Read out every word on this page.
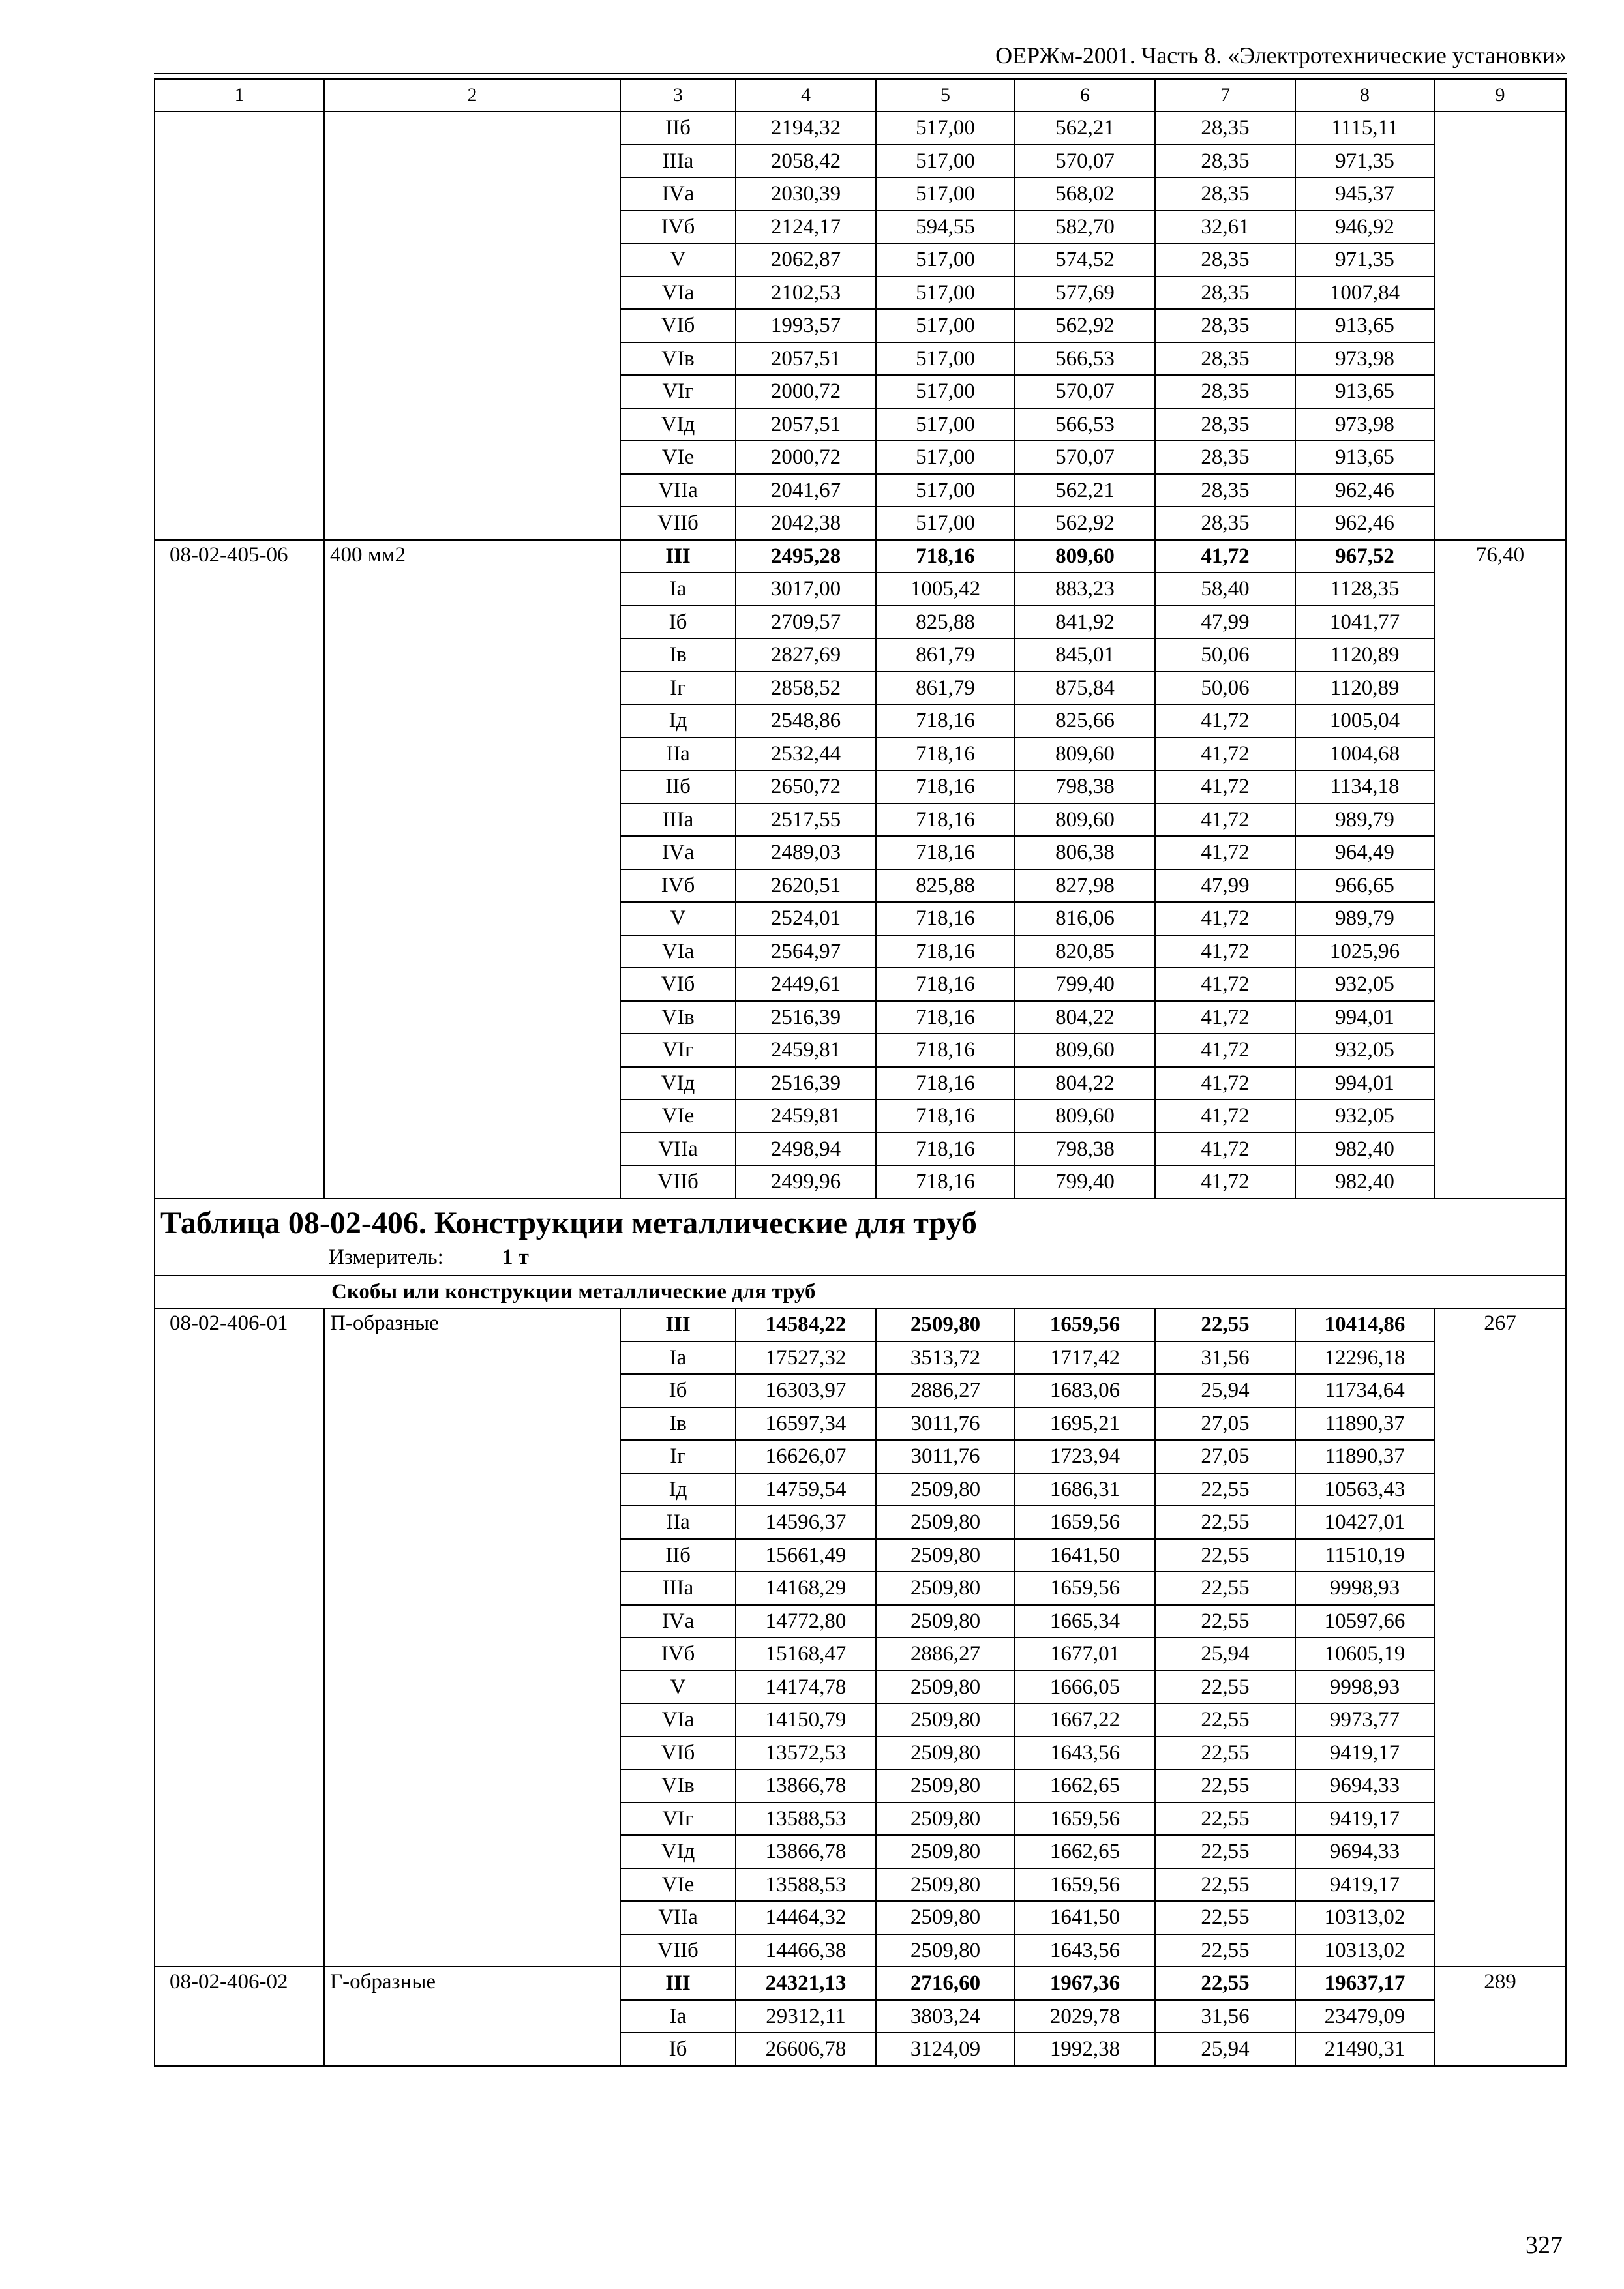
ОЕРЖм-2001. Часть 8. «Электротехнические установки»
1	2	3	4	5	6	7	8	9
		IIб	2194,32	517,00	562,21	28,35	1115,11	
		IIIа	2058,42	517,00	570,07	28,35	971,35	
		IVа	2030,39	517,00	568,02	28,35	945,37	
		IVб	2124,17	594,55	582,70	32,61	946,92	
		V	2062,87	517,00	574,52	28,35	971,35	
		VIа	2102,53	517,00	577,69	28,35	1007,84	
		VIб	1993,57	517,00	562,92	28,35	913,65	
		VIв	2057,51	517,00	566,53	28,35	973,98	
		VIг	2000,72	517,00	570,07	28,35	913,65	
		VIд	2057,51	517,00	566,53	28,35	973,98	
		VIе	2000,72	517,00	570,07	28,35	913,65	
		VIIа	2041,67	517,00	562,21	28,35	962,46	
		VIIб	2042,38	517,00	562,92	28,35	962,46	
08-02-405-06	400 мм2	III	2495,28	718,16	809,60	41,72	967,52	76,40
		Iа	3017,00	1005,42	883,23	58,40	1128,35	
		Iб	2709,57	825,88	841,92	47,99	1041,77	
		Iв	2827,69	861,79	845,01	50,06	1120,89	
		Iг	2858,52	861,79	875,84	50,06	1120,89	
		Iд	2548,86	718,16	825,66	41,72	1005,04	
		IIа	2532,44	718,16	809,60	41,72	1004,68	
		IIб	2650,72	718,16	798,38	41,72	1134,18	
		IIIа	2517,55	718,16	809,60	41,72	989,79	
		IVа	2489,03	718,16	806,38	41,72	964,49	
		IVб	2620,51	825,88	827,98	47,99	966,65	
		V	2524,01	718,16	816,06	41,72	989,79	
		VIа	2564,97	718,16	820,85	41,72	1025,96	
		VIб	2449,61	718,16	799,40	41,72	932,05	
		VIв	2516,39	718,16	804,22	41,72	994,01	
		VIг	2459,81	718,16	809,60	41,72	932,05	
		VIд	2516,39	718,16	804,22	41,72	994,01	
		VIе	2459,81	718,16	809,60	41,72	932,05	
		VIIа	2498,94	718,16	798,38	41,72	982,40	
		VIIб	2499,96	718,16	799,40	41,72	982,40	

Таблица 08-02-406. Конструкции металлические для труб
Измеритель: 1 т								

Скобы или конструкции металлические для труб								
08-02-406-01	П-образные	III	14584,22	2509,80	1659,56	22,55	10414,86	267
		Iа	17527,32	3513,72	1717,42	31,56	12296,18	
		Iб	16303,97	2886,27	1683,06	25,94	11734,64	
		Iв	16597,34	3011,76	1695,21	27,05	11890,37	
		Iг	16626,07	3011,76	1723,94	27,05	11890,37	
		Iд	14759,54	2509,80	1686,31	22,55	10563,43	
		IIа	14596,37	2509,80	1659,56	22,55	10427,01	
		IIб	15661,49	2509,80	1641,50	22,55	11510,19	
		IIIа	14168,29	2509,80	1659,56	22,55	9998,93	
		IVа	14772,80	2509,80	1665,34	22,55	10597,66	
		IVб	15168,47	2886,27	1677,01	25,94	10605,19	
		V	14174,78	2509,80	1666,05	22,55	9998,93	
		VIа	14150,79	2509,80	1667,22	22,55	9973,77	
		VIб	13572,53	2509,80	1643,56	22,55	9419,17	
		VIв	13866,78	2509,80	1662,65	22,55	9694,33	
		VIг	13588,53	2509,80	1659,56	22,55	9419,17	
		VIд	13866,78	2509,80	1662,65	22,55	9694,33	
		VIе	13588,53	2509,80	1659,56	22,55	9419,17	
		VIIа	14464,32	2509,80	1641,50	22,55	10313,02	
		VIIб	14466,38	2509,80	1643,56	22,55	10313,02	
08-02-406-02	Г-образные	III	24321,13	2716,60	1967,36	22,55	19637,17	289
		Iа	29312,11	3803,24	2029,78	31,56	23479,09	
		Iб	26606,78	3124,09	1992,38	25,94	21490,31	
327
